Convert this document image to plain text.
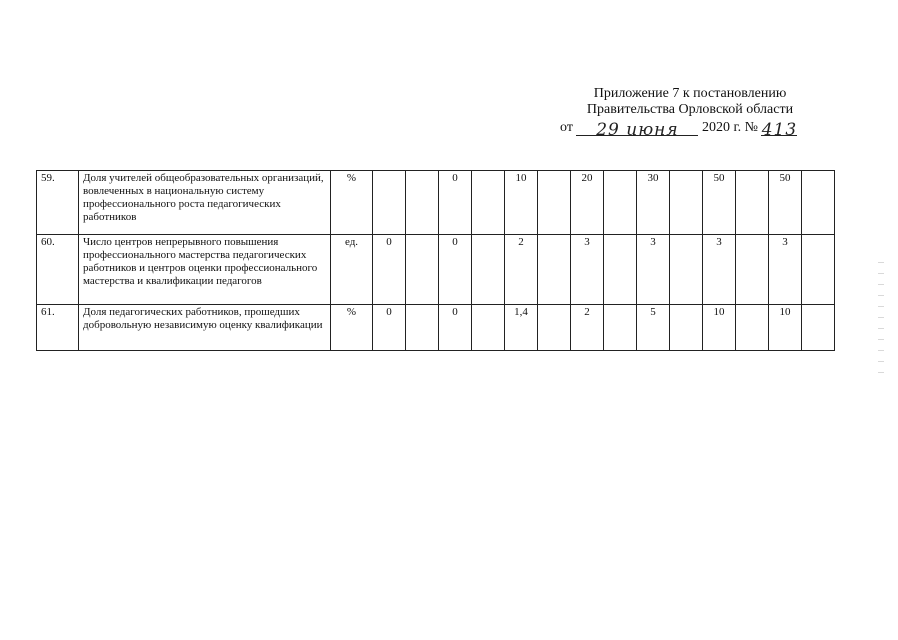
Приложение 7 к постановлению
Правительства Орловской области
от	29 июня	2020 г. № 413
59.	Доля учителей общеобразовательных организаций, вовлеченных в национальную систему профессионального роста педагогических работников	%			0		10		20		30		50		50	
60.	Число центров непрерывного повышения профессионального мастерства педагогических работников и центров оценки профессионального мастерства и квалификации педагогов	ед.	0		0		2		3		3		3		3	
61.	Доля педагогических работников, прошедших добровольную независимую оценку квалификации	%	0		0		1,4		2		5		10		10	
